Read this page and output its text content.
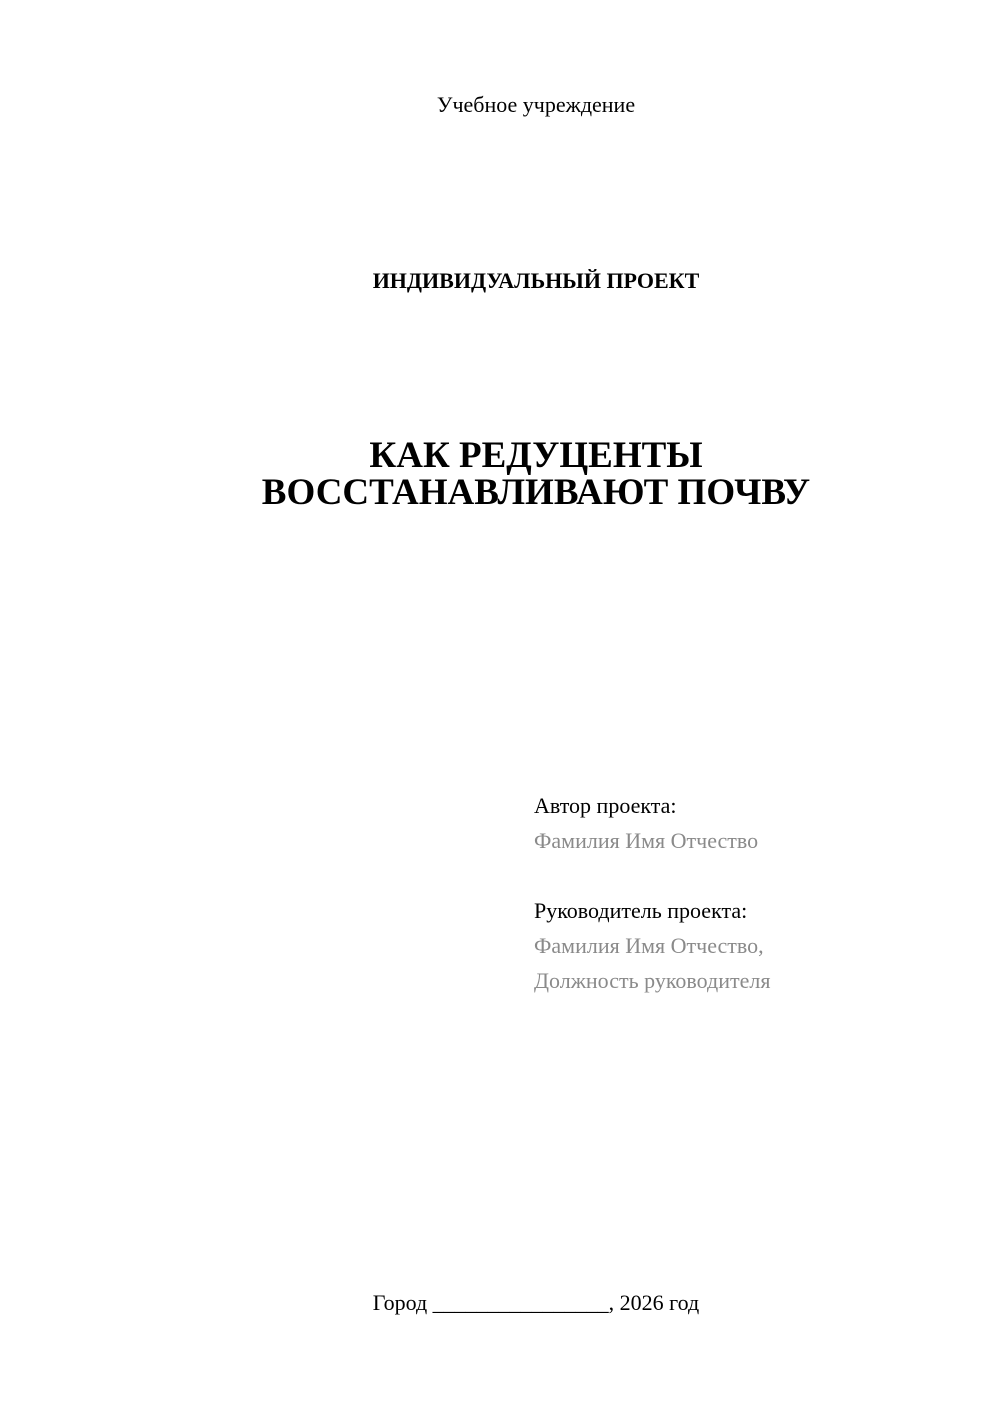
Учебное учреждение
ИНДИВИДУАЛЬНЫЙ ПРОЕКТ
КАК РЕДУЦЕНТЫ
ВОССТАНАВЛИВАЮТ ПОЧВУ
Автор проекта:
Фамилия Имя Отчество
Руководитель проекта:
Фамилия Имя Отчество,
Должность руководителя
Город ________________, 2026 год
